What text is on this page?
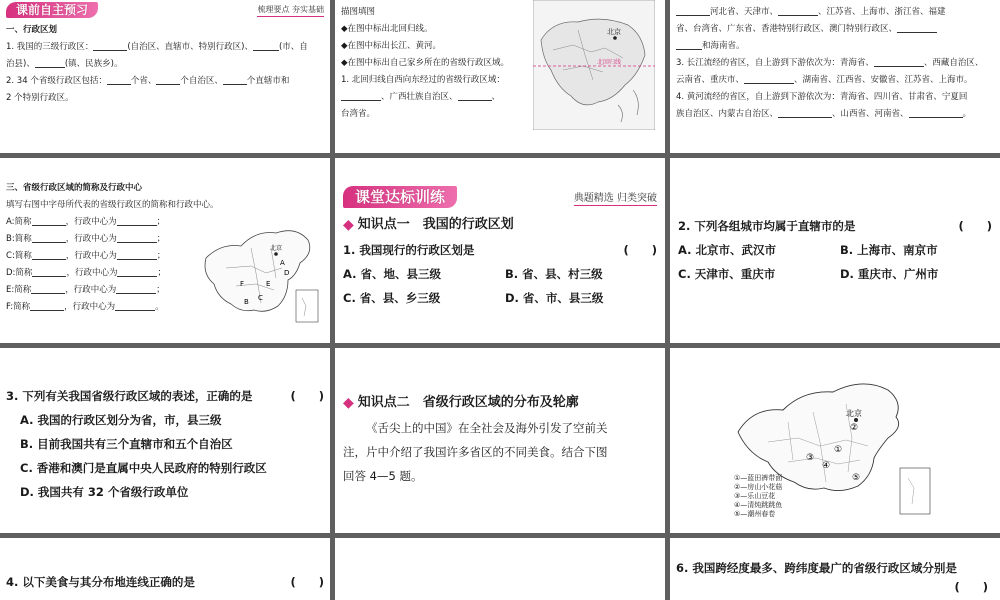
课前自主预习	梳理要点 夯实基础
一、行政区划
1. 我国的三级行政区：	(自治区、直辖市、特别行政区)、	(市、自
治县)、	(镇、民族乡)。
2. 34 个省级行政区包括：	个省、	个自治区、	个直辖市和
2 个特别行政区。
描图填图
◆在图中标出北回归线。
◆在图中标出长江、黄河。
◆在图中标出自己家乡所在的省级行政区域。
1. 北回归线自西向东经过的省级行政区域：
、广西壮族自治区、	、
台湾省。
北京
北回归线
河北省、天津市、	、江苏省、上海市、浙江省、福建
省、台湾省、广东省、香港特别行政区、澳门特别行政区、
和海南省。
3. 长江流经的省区，自上游到下游依次为：青海省、	、西藏自治区、
云南省、重庆市、	、湖南省、江西省、安徽省、江苏省、上海市。
4. 黄河流经的省区，自上游到下游依次为：青海省、四川省、甘肃省、宁夏回
族自治区、内蒙古自治区、	、山西省、河南省、	。
三、省级行政区域的简称及行政中心
填写右图中字母所代表的省级行政区的简称和行政中心。
A:简称	，行政中心为	；
B:简称	，行政中心为	；
C:简称	，行政中心为	；
D:简称	，行政中心为	；
E:简称	，行政中心为	；
F:简称	，行政中心为	。
北京
A
B C
D
E
F
课堂达标训练	典题精选 归类突破
◆ 知识点一　我国的行政区划
1. 我国现行的行政区划是	(　　)
A. 省、地、县三级	B. 省、县、村三级
C. 省、县、乡三级	D. 省、市、县三级
2. 下列各组城市均属于直辖市的是	(　　)
A. 北京市、武汉市	B. 上海市、南京市
C. 天津市、重庆市	D. 重庆市、广州市
3. 下列有关我国省级行政区域的表述，正确的是	(　　)
A. 我国的行政区划分为省，市，县三级
B. 目前我国共有三个直辖市和五个自治区
C. 香港和澳门是直属中央人民政府的特别行政区
D. 我国共有 32 个省级行政单位
◆ 知识点二　省级行政区域的分布及轮廓
《舌尖上的中国》在全社会及海外引发了空前关
注，片中介绍了我国许多省区的不同美食。结合下图
回答 4—5 题。
北京
①
②
③
④
⑤
①—蓝田裤带面
②—房山小花菇
③—乐山豆花
④—清炖跳跳鱼
⑤—潮州春卷
4. 以下美食与其分布地连线正确的是	(　　)
6. 我国跨经度最多、跨纬度最广的省级行政区域分别是
(　　)
